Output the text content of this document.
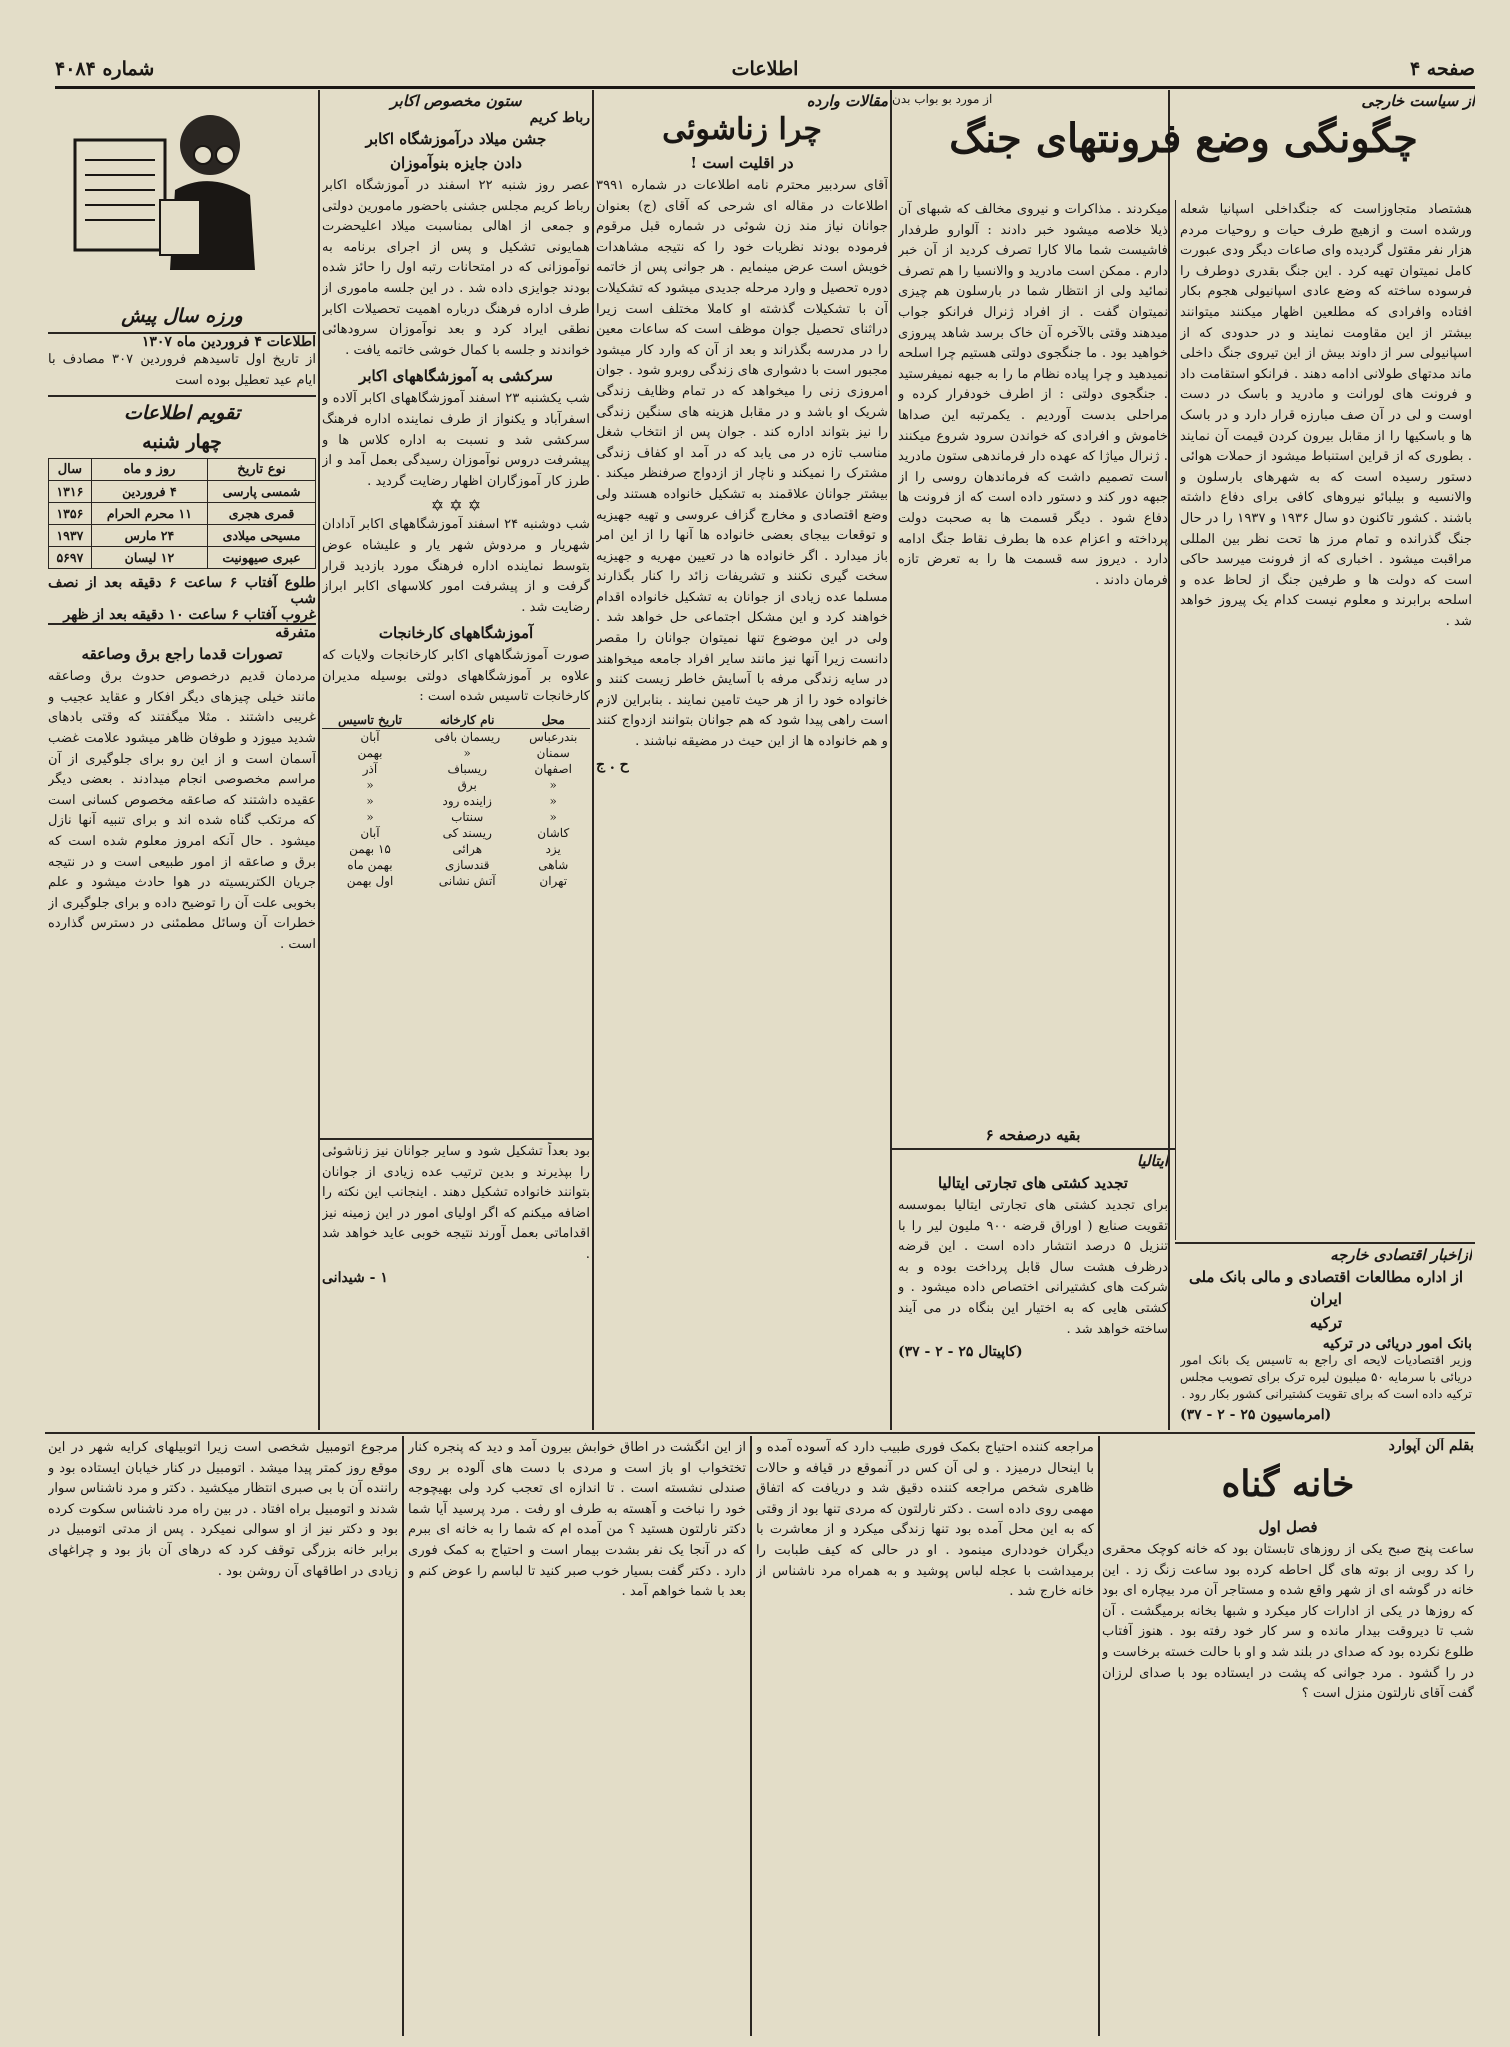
صفحه ۴
اطلاعات
شماره ۴۰۸۴
از سیاست خارجی
از مورد بو بواب بدن
چگونگی وضع فرونتهای جنگ

هشتصاد متجاوزاست که جنگداخلی اسپانیا شعله ورشده است و ازهیچ طرف حیات و روحیات مردم هزار نفر مقتول گردیده وای صاعات دیگر ودی عبورت کامل نمیتوان تهیه کرد . این جنگ بقدری دوطرف را فرسوده ساخته که وضع عادی اسپانیولی هجوم بکار افتاده وافرادی که مطلعین اظهار میکنند میتوانند بیشتر از این مقاومت نمایند و در حدودی که از اسپانیولی سر از داوند بیش از این تیروی جنگ داخلی ماند مدتهای طولانی ادامه دهند . فرانکو استقامت داد و فرونت های لورانت و مادرید و باسک در دست اوست و لی در آن صف مبارزه قرار دارد و در باسک ها و باسکیها را از مقابل بیرون کردن قیمت آن نمایند . بطوری که از قراین استنباط میشود از حملات هوائی دستور رسیده است که به شهرهای بارسلون و والانسیه و بیلبائو نیروهای کافی برای دفاع داشته باشند . کشور تاکنون دو سال ۱۹۳۶ و ۱۹۳۷ را در حال جنگ گذرانده و تمام مرز ها تحت نظر بین المللی مراقبت میشود . اخباری که از فرونت میرسد حاکی است که دولت ها و طرفین جنگ از لحاظ عده و اسلحه برابرند و معلوم نیست کدام یک پیروز خواهد شد .

میکردند . مذاکرات و نیروی مخالف که شبهای آن ذیلا خلاصه میشود خبر دادند : آلوارو طرفدار فاشیست شما مالا کارا تصرف کردید از آن خبر دارم . ممکن است مادرید و والانسیا را هم تصرف نمائید ولی از انتظار شما در بارسلون هم چیزی نمیتوان گفت . از افراد ژنرال فرانکو جواب میدهند وقتی بالآخره آن خاک برسد شاهد پیروزی خواهید بود . ما جنگجوی دولتی هستیم چرا اسلحه نمیدهید و چرا پیاده نظام ما را به جبهه نمیفرستید . جنگجوی دولتی : از اطرف خودفرار کرده و مراحلی بدست آوردیم . یکمرتبه این صداها خاموش و افرادی که خواندن سرود شروع میکنند . ژنرال میاژا که عهده دار فرماندهی ستون مادرید است تصمیم داشت که فرماندهان روسی را از جبهه دور کند و دستور داده است که از فرونت ها دفاع شود . دیگر قسمت ها به صحبت دولت پرداخته و اعزام عده ها بطرف نقاط جنگ ادامه دارد . دیروز سه قسمت ها را به تعرض تازه فرمان دادند .

بقیه درصفحه ۶
ایتالیا
تجدید کشتی های تجارتی ایتالیا

برای تجدید کشتی های تجارتی ایتالیا بموسسه تقویت صنایع ( اوراق قرضه ۹۰۰ ملیون لیر را با تنزیل ۵ درصد انتشار داده است . این قرضه درظرف هشت سال قابل پرداخت بوده و به شرکت های کشتیرانی اختصاص داده میشود . و کشتی هایی که به اختیار این بنگاه در می آیند ساخته خواهد شد .

(کاپیتال ۲۵ - ۲ - ۳۷)
ازاخبار اقتصادی خارجه
از اداره مطالعات اقتصادی و مالی بانک ملی ایران
ترکیه
بانک امور دریائی در ترکیه

وزیر اقتصادیات لایحه ای راجع به تاسیس یک بانک امور دریائی با سرمایه ۵۰ میلیون لیره ترک برای تصویب مجلس ترکیه داده است که برای تقویت کشتیرانی کشور بکار رود .

(امرماسیون ۲۵ - ۲ - ۳۷)
مقالات وارده
چرا زناشوئی
در اقلیت است !

آقای سردبیر محترم نامه اطلاعات در شماره ۳۹۹۱ اطلاعات در مقاله ای شرحی که آقای (ج) بعنوان جوانان نیاز مند زن شوئی در شماره قبل مرقوم فرموده بودند نظریات خود را که نتیجه مشاهدات خویش است عرض مینمایم . هر جوانی پس از خاتمه دوره تحصیل و وارد مرحله جدیدی میشود که تشکیلات آن با تشکیلات گذشته او کاملا مختلف است زیرا دراثنای تحصیل جوان موظف است که ساعات معین را در مدرسه بگذراند و بعد از آن که وارد کار میشود مجبور است با دشواری های زندگی روبرو شود . جوان امروزی زنی را میخواهد که در تمام وظایف زندگی شریک او باشد و در مقابل هزینه های سنگین زندگی را نیز بتواند اداره کند . جوان پس از انتخاب شغل مناسب تازه در می یابد که در آمد او کفاف زندگی مشترک را نمیکند و ناچار از ازدواج صرفنظر میکند . بیشتر جوانان علاقمند به تشکیل خانواده هستند ولی وضع اقتصادی و مخارج گزاف عروسی و تهیه جهیزیه و توقعات بیجای بعضی خانواده ها آنها را از این امر باز میدارد . اگر خانواده ها در تعیین مهریه و جهیزیه سخت گیری نکنند و تشریفات زائد را کنار بگذارند مسلما عده زیادی از جوانان به تشکیل خانواده اقدام خواهند کرد و این مشکل اجتماعی حل خواهد شد . ولی در این موضوع تنها نمیتوان جوانان را مقصر دانست زیرا آنها نیز مانند سایر افراد جامعه میخواهند در سایه زندگی مرفه با آسایش خاطر زیست کنند و خانواده خود را از هر حیث تامین نمایند . بنابراین لازم است راهی پیدا شود که هم جوانان بتوانند ازدواج کنند و هم خانواده ها از این حیث در مضیقه نباشند .

ح . ج
ستون مخصوص اکابر
رباط کریم
جشن میلاد درآموزشگاه اکابر
دادن جایزه بنوآموزان

عصر روز شنبه ۲۲ اسفند در آموزشگاه اکابر رباط کریم مجلس جشنی باحضور مامورین دولتی و جمعی از اهالی بمناسبت میلاد اعلیحضرت همایونی تشکیل و پس از اجرای برنامه به نوآموزانی که در امتحانات رتبه اول را حائز شده بودند جوایزی داده شد . در این جلسه ماموری از طرف اداره فرهنگ درباره اهمیت تحصیلات اکابر نطقی ایراد کرد و بعد نوآموزان سرودهائی خواندند و جلسه با کمال خوشی خاتمه یافت .

سرکشی به آموزشگاههای اکابر

شب یکشنبه ۲۳ اسفند آموزشگاههای اکابر آلاده و اسفرآباد و یکنواز از طرف نماینده اداره فرهنگ سرکشی شد و نسبت به اداره کلاس ها و پیشرفت دروس نوآموزان رسیدگی بعمل آمد و از طرز کار آموزگاران اظهار رضایت گردید .

✡ ✡ ✡

شب دوشنبه ۲۴ اسفند آموزشگاههای اکابر آدادان شهریار و مردوش شهر یار و علیشاه عوض بتوسط نماینده اداره فرهنگ مورد بازدید قرار گرفت و از پیشرفت امور کلاسهای اکابر ابراز رضایت شد .

آموزشگاههای کارخانجات

صورت آموزشگاههای اکابر کارخانجات ولایات که علاوه بر آموزشگاههای دولتی بوسیله مدیران کارخانجات تاسیس شده است :

محل	نام کارخانه	تاریخ تاسیس
بندرعباس	ریسمان بافی	آبان
سمنان	«	بهمن
اصفهان	ریسباف	آذر
«	برق	«
«	زاینده رود	«
«	سنتاب	«
کاشان	ریسند کی	آبان
یزد	هرائی	۱۵ بهمن
شاهی	قندسازی	بهمن ماه
تهران	آتش نشانی	اول بهمن

بود بعداً تشکیل شود و سایر جوانان نیز زناشوئی را بپذیرند و بدین ترتیب عده زیادی از جوانان بتوانند خانواده تشکیل دهند . اینجانب این نکته را اضافه میکنم که اگر اولیای امور در این زمینه نیز اقداماتی بعمل آورند نتیجه خوبی عاید خواهد شد .

۱ - شیدانی
ورزه سال پیش
اطلاعات ۴ فروردین ماه ۱۳۰۷

از تاریخ اول تاسیدهم فروردین ۳۰۷ مصادف با ایام عید تعطیل بوده است

تقویم اطلاعات
چهار شنبه
نوع تاریخ	روز و ماه	سال
شمسی پارسی	۴ فروردین	۱۳۱۶
قمری هجری	۱۱ محرم الحرام	۱۳۵۶
مسیحی میلادی	۲۴ مارس	۱۹۳۷
عبری صیهونیت	۱۲ لیسان	۵۶۹۷
طلوع آفتاب ۶ ساعت ۶ دقیقه بعد از نصف شب
غروب آفتاب ۶ ساعت ۱۰ دقیقه بعد از ظهر
متفرقه
تصورات قدما راجع برق وصاعقه

مردمان قدیم درخصوص حدوث برق وصاعقه مانند خیلی چیزهای دیگر افکار و عقاید عجیب و غریبی داشتند . مثلا میگفتند که وقتی بادهای شدید میوزد و طوفان ظاهر میشود علامت غضب آسمان است و از این رو برای جلوگیری از آن مراسم مخصوصی انجام میدادند . بعضی دیگر عقیده داشتند که صاعقه مخصوص کسانی است که مرتکب گناه شده اند و برای تنبیه آنها نازل میشود . حال آنکه امروز معلوم شده است که برق و صاعقه از امور طبیعی است و در نتیجه جریان الکتریسیته در هوا حادث میشود و علم بخوبی علت آن را توضیح داده و برای جلوگیری از خطرات آن وسائل مطمئنی در دسترس گذارده است .

بقلم آلن آپوارد
خانه گناه
فصل اول

ساعت پنج صبح یکی از روزهای تابستان بود که خانه کوچک محقری را کد روبی از بوته های گل احاطه کرده بود ساعت زنگ زد . این خانه در گوشه ای از شهر واقع شده و مستاجر آن مرد بیچاره ای بود که روزها در یکی از ادارات کار میکرد و شبها بخانه برمیگشت . آن شب تا دیروقت بیدار مانده و سر کار خود رفته بود . هنوز آفتاب طلوع نکرده بود که صدای در بلند شد و او با حالت خسته برخاست و در را گشود . مرد جوانی که پشت در ایستاده بود با صدای لرزان گفت آقای نارلتون منزل است ؟

مراجعه کننده احتیاج بکمک فوری طبیب دارد که آسوده آمده و با اینحال درمیزد . و لی آن کس در آنموقع در قیافه و حالات ظاهری شخص مراجعه کننده دقیق شد و دریافت که اتفاق مهمی روی داده است . دکتر نارلتون که مردی تنها بود از وقتی که به این محل آمده بود تنها زندگی میکرد و از معاشرت با دیگران خودداری مینمود . او در حالی که کیف طبابت را برمیداشت با عجله لباس پوشید و به همراه مرد ناشناس از خانه خارج شد .

از این انگشت در اطاق خوابش بیرون آمد و دید که پنجره کنار تختخواب او باز است و مردی با دست های آلوده بر روی صندلی نشسته است . تا اندازه ای تعجب کرد ولی بهیچوجه خود را نباخت و آهسته به طرف او رفت . مرد پرسید آیا شما دکتر نارلتون هستید ؟ من آمده ام که شما را به خانه ای ببرم که در آنجا یک نفر بشدت بیمار است و احتیاج به کمک فوری دارد . دکتر گفت بسیار خوب صبر کنید تا لباسم را عوض کنم و بعد با شما خواهم آمد .

مرجوع اتومبیل شخصی است زیرا اتوبیلهای کرایه شهر در این موقع روز کمتر پیدا میشد . اتومبیل در کنار خیابان ایستاده بود و راننده آن با بی صبری انتظار میکشید . دکتر و مرد ناشناس سوار شدند و اتومبیل براه افتاد . در بین راه مرد ناشناس سکوت کرده بود و دکتر نیز از او سوالی نمیکرد . پس از مدتی اتومبیل در برابر خانه بزرگی توقف کرد که درهای آن باز بود و چراغهای زیادی در اطاقهای آن روشن بود .
